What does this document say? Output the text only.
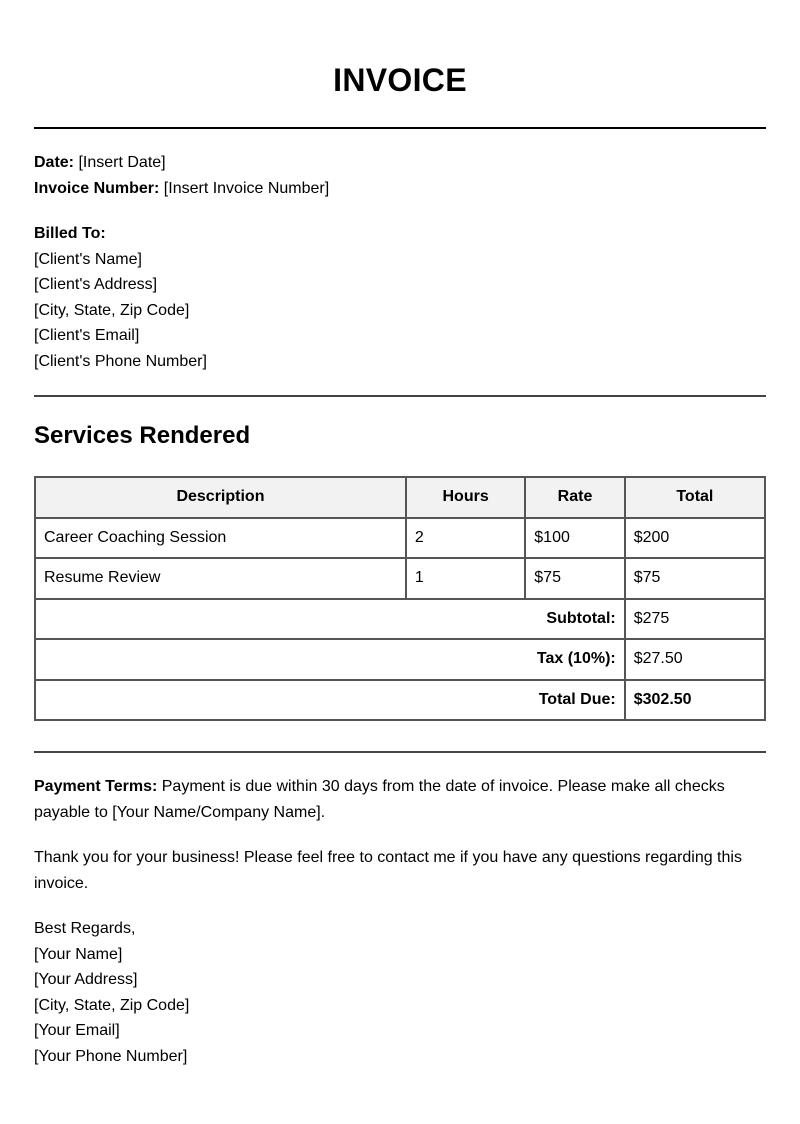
INVOICE
Date: [Insert Date]
Invoice Number: [Insert Invoice Number]
Billed To:
[Client's Name]
[Client's Address]
[City, State, Zip Code]
[Client's Email]
[Client's Phone Number]
Services Rendered
Description	Hours	Rate	Total
Career Coaching Session	2	$100	$200
Resume Review	1	$75	$75
Subtotal:			$275
Tax (10%):			$27.50
Total Due:			$302.50

Payment Terms: Payment is due within 30 days from the date of invoice. Please make all checks payable to [Your Name/Company Name].

Thank you for your business! Please feel free to contact me if you have any questions regarding this invoice.

Best Regards,
[Your Name]
[Your Address]
[City, State, Zip Code]
[Your Email]
[Your Phone Number]
